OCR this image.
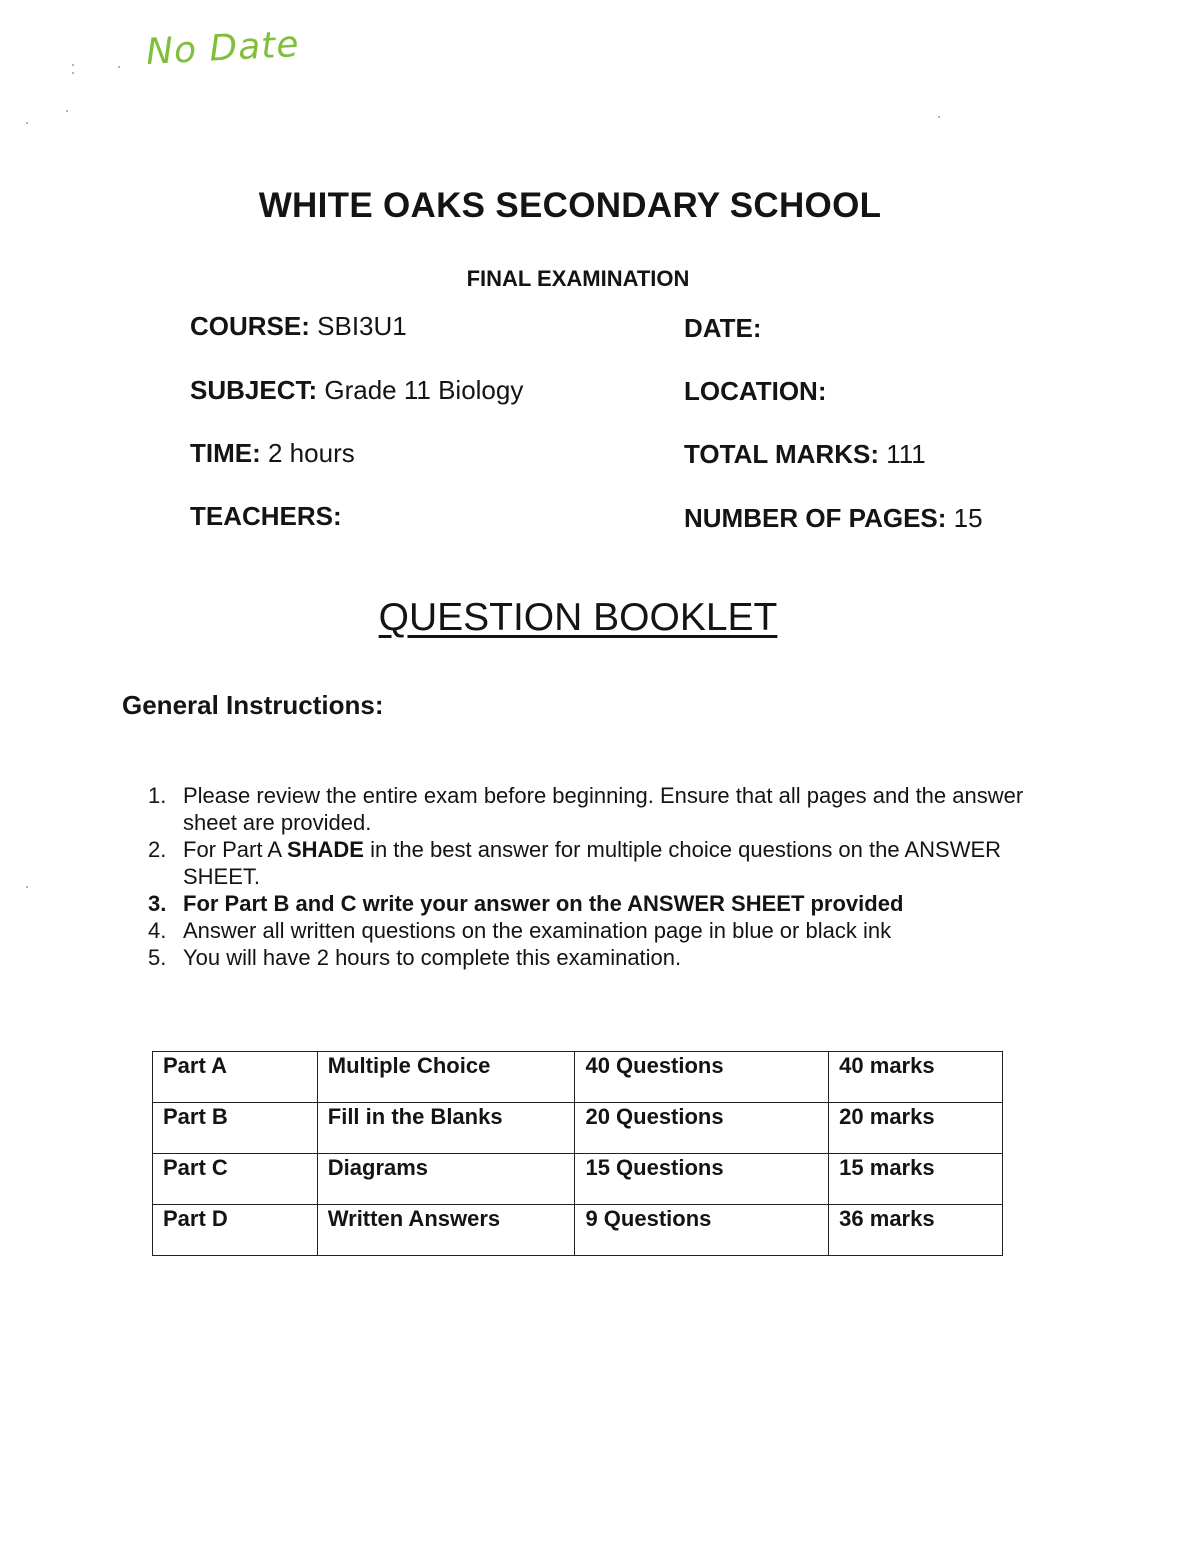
No Date
WHITE OAKS SECONDARY SCHOOL
FINAL EXAMINATION
COURSE: SBI3U1	DATE:
SUBJECT: Grade 11 Biology	LOCATION:
TIME: 2 hours	TOTAL MARKS: 111
TEACHERS:	NUMBER OF PAGES: 15
QUESTION BOOKLET
General Instructions:
1. Please review the entire exam before beginning. Ensure that all pages and the answer sheet are provided.
2. For Part A SHADE in the best answer for multiple choice questions on the ANSWER SHEET.
3. For Part B and C write your answer on the ANSWER SHEET provided
4. Answer all written questions on the examination page in blue or black ink
5. You will have 2 hours to complete this examination.
Part A	Multiple Choice	40 Questions	40 marks
Part B	Fill in the Blanks	20 Questions	20 marks
Part C	Diagrams	15 Questions	15 marks
Part D	Written Answers	9 Questions	36 marks
